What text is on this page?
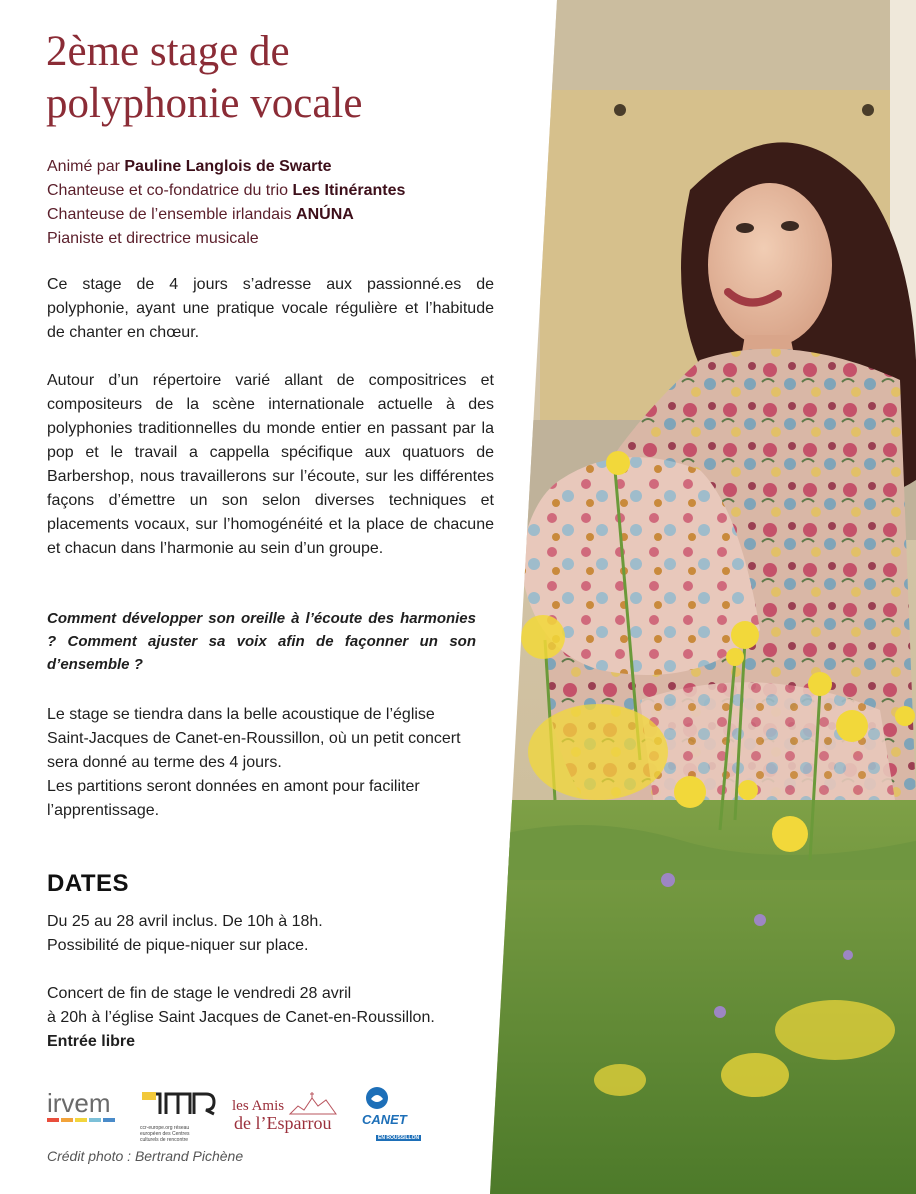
2ème stage de
polyphonie vocale
Animé par Pauline Langlois de Swarte
Chanteuse et co-fondatrice du trio Les Itinérantes
Chanteuse de l’ensemble irlandais ANÚNA
Pianiste et directrice musicale

Ce stage de 4 jours s’adresse aux passionné.es de polyphonie, ayant une pratique vocale régulière et l’habitude de chanter en chœur.

Autour d’un répertoire varié allant de compositrices et compositeurs de la scène internationale actuelle à des polyphonies traditionnelles du monde entier en passant par la pop et le travail a cappella spécifique aux quatuors de Barbershop, nous travaillerons sur l’écoute, sur les différentes façons d’émettre un son selon diverses techniques et placements vocaux, sur l’homogénéité et la place de chacune et chacun dans l’harmonie au sein d’un groupe.

Comment développer son oreille à l’écoute des harmonies ? Comment ajuster sa voix afin de façonner un son d’ensemble ?

Le stage se tiendra dans la belle acoustique de l’église Saint-Jacques de Canet-en-Roussillon, où un petit concert sera donné au terme des 4 jours.
Les partitions seront données en amont pour faciliter l’apprentissage.
DATES
Du 25 au 28 avril inclus. De 10h à 18h.
Possibilité de pique-niquer sur place.
Concert de fin de stage le vendredi 28 avril
à 20h à l’église Saint Jacques de Canet-en-Roussillon.
Entrée libre
irvem
ccr-europe.org réseau européen des Centres culturels de rencontre
les Amis
de l’Esparrou	CANET
EN ROUSSILLON
Crédit photo : Bertrand Pichène
